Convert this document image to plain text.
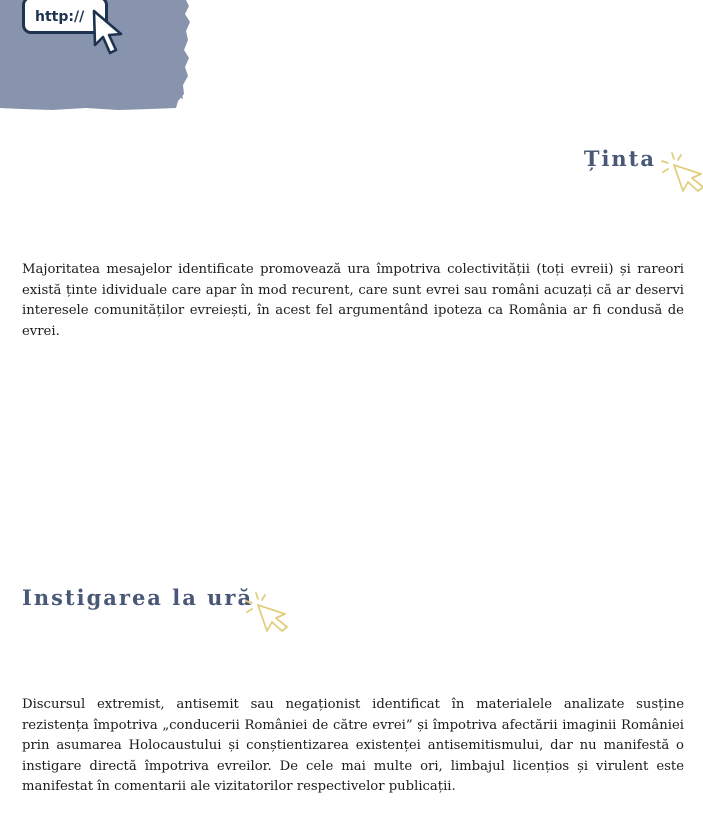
http://
Ținta

Majoritatea mesajelor identificate promovează ura împotriva colectivității (toți evreii) și rareori există ținte idividuale care apar în mod recurent, care sunt evrei sau români acuzați că ar deservi interesele comunităților evreiești, în acest fel argumentând ipoteza ca România ar fi condusă de evrei.

Instigarea la ură

Discursul extremist, antisemit sau negaționist identificat în materialele analizate susține rezistența împotriva „conducerii României de către evrei” și împotriva afectării imaginii României prin asumarea Holocaustului și conștientizarea existenței antisemitismului, dar nu manifestă o instigare directă împotriva evreilor. De cele mai multe ori, limbajul licențios și virulent este manifestat în comentarii ale vizitatorilor respectivelor publicații.
